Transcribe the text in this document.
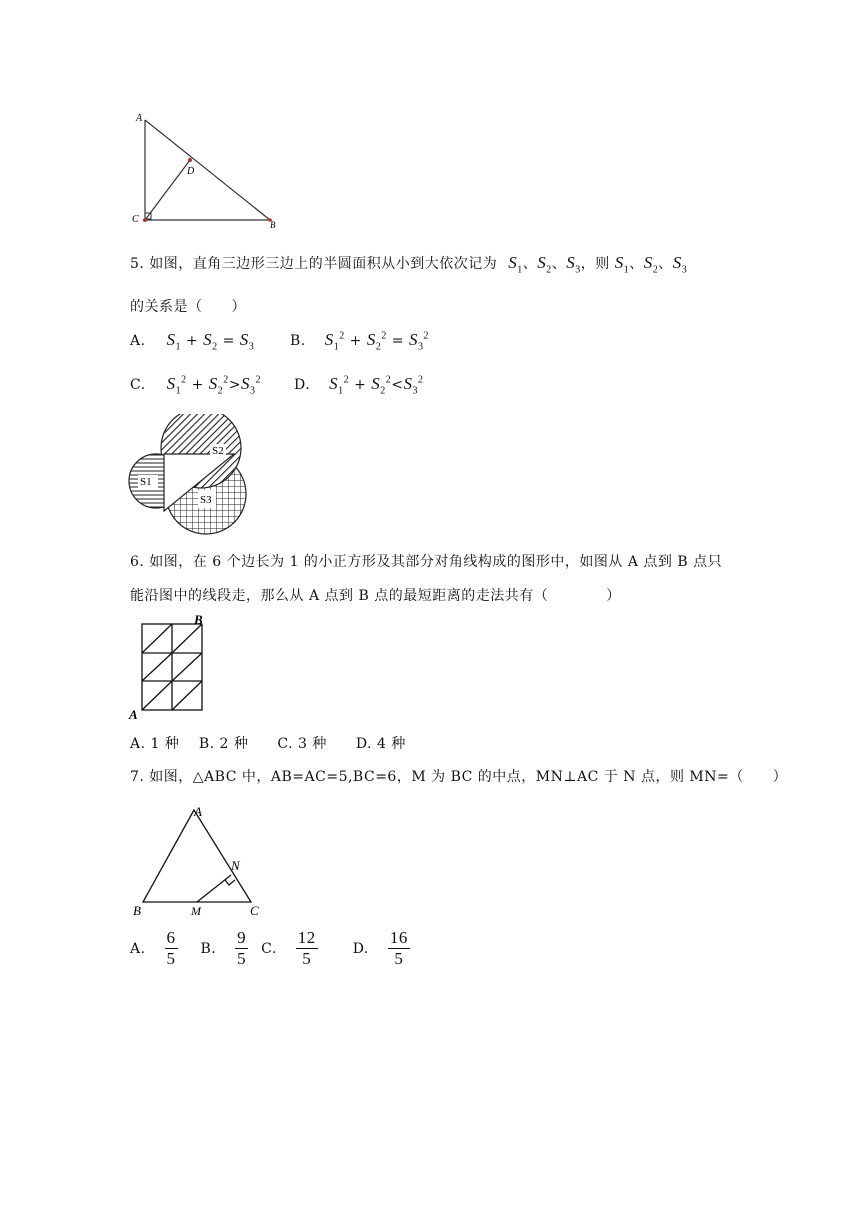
A
C
D
B
5. 如图，直角三边形三边上的半圆面积从小到大依次记为 $S_1$、$S_2$、$S_3$，则 $S_1$、$S_2$、$S_3$
的关系是（　　）
A. $S_1 + S_2 = S_3$	B. $S_1^2 + S_2^2 = S_3^2$
C. $S_1^2 + S_2^2>S_3^2$ D. $S_1^2 + S_2^2<S_3^2$
S2
S1
S3
6. 如图，在 6 个边长为 1 的小正方形及其部分对角线构成的图形中，如图从 A 点到 B 点只
能沿图中的线段走，那么从 A 点到 B 点的最短距离的走法共有（　　　　）
B
A
A. 1 种　 B. 2 种　　C. 3 种　　D. 4 种
7. 如图，△ABC 中，AB=AC=5,BC=6，M 为 BC 的中点，MN⊥AC 于 N 点，则 MN=（　　）
A
N
B	M	C
A. $\frac{6}{5} B$. $\frac{9}{5} C$. $\frac{12}{5} D$. $\frac{16}{5}$
